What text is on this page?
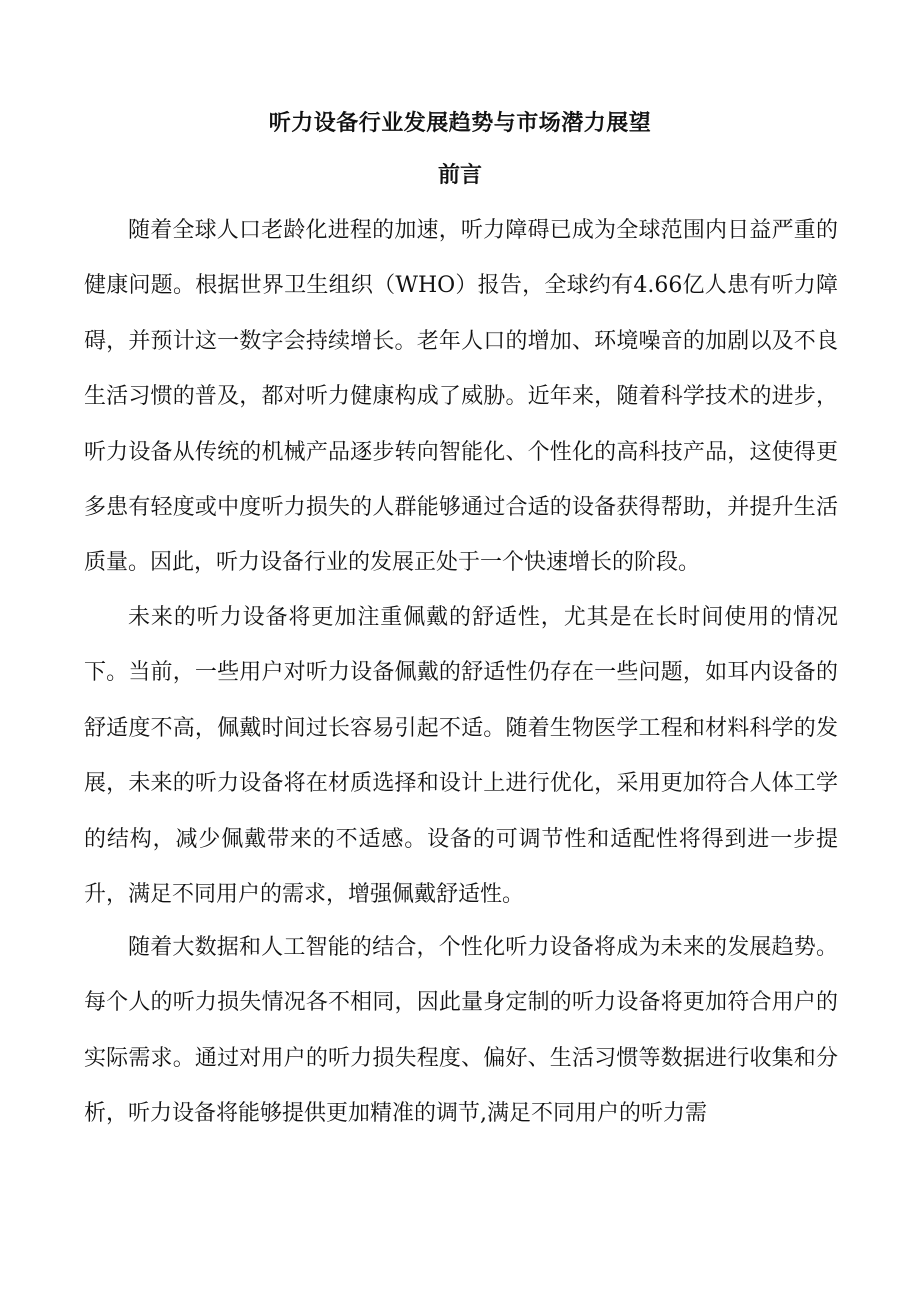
听力设备行业发展趋势与市场潜力展望
前言

随着全球人口老龄化进程的加速，听力障碍已成为全球范围内日益严重的健康问题。根据世界卫生组织（WHO）报告，全球约有4.66亿人患有听力障碍，并预计这一数字会持续增长。老年人口的增加、环境噪音的加剧以及不良生活习惯的普及，都对听力健康构成了威胁。近年来，随着科学技术的进步，听力设备从传统的机械产品逐步转向智能化、个性化的高科技产品，这使得更多患有轻度或中度听力损失的人群能够通过合适的设备获得帮助，并提升生活质量。因此，听力设备行业的发展正处于一个快速增长的阶段。

未来的听力设备将更加注重佩戴的舒适性，尤其是在长时间使用的情况下。当前，一些用户对听力设备佩戴的舒适性仍存在一些问题，如耳内设备的舒适度不高，佩戴时间过长容易引起不适。随着生物医学工程和材料科学的发展，未来的听力设备将在材质选择和设计上进行优化，采用更加符合人体工学的结构，减少佩戴带来的不适感。设备的可调节性和适配性将得到进一步提升，满足不同用户的需求，增强佩戴舒适性。

随着大数据和人工智能的结合，个性化听力设备将成为未来的发展趋势。每个人的听力损失情况各不相同，因此量身定制的听力设备将更加符合用户的实际需求。通过对用户的听力损失程度、偏好、生活习惯等数据进行收集和分析，听力设备将能够提供更加精准的调节,满足不同用户的听力需
